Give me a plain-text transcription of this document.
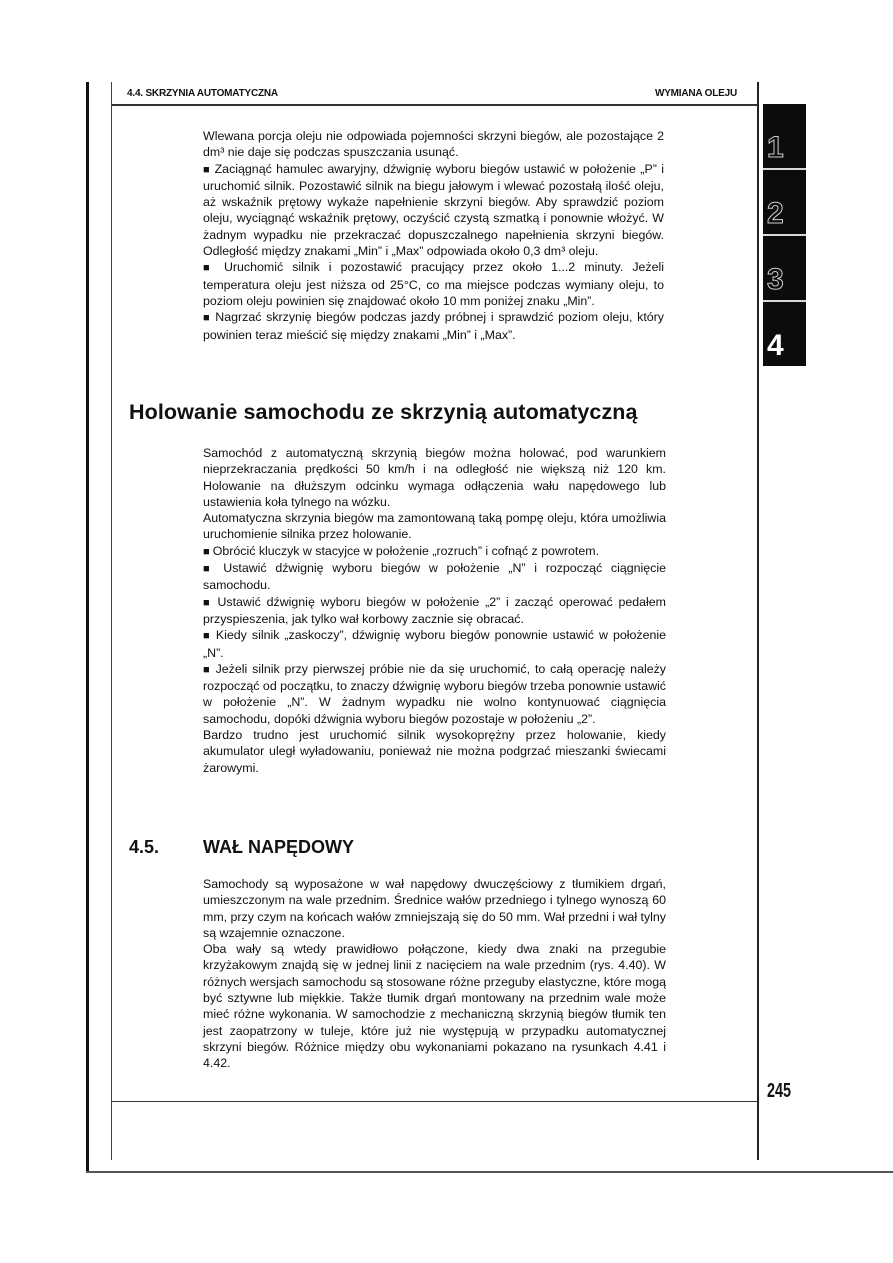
4.4. SKRZYNIA AUTOMATYCZNA	WYMIANA OLEJU
1
2
3
4

Wlewana porcja oleju nie odpowiada pojemności skrzyni biegów, ale pozostające 2 dm³ nie daje się podczas spuszczania usunąć.

■ Zaciągnąć hamulec awaryjny, dźwignię wyboru biegów ustawić w położenie „P” i uruchomić silnik. Pozostawić silnik na biegu jałowym i wlewać pozostałą ilość oleju, aż wskaźnik prętowy wykaże napełnienie skrzyni biegów. Aby sprawdzić poziom oleju, wyciągnąć wskaźnik prętowy, oczyścić czystą szmatką i ponownie włożyć. W żadnym wypadku nie przekraczać dopuszczalnego napełnienia skrzyni biegów. Odległość między znakami „Min” i „Max” odpowiada około 0,3 dm³ oleju.

■ Uruchomić silnik i pozostawić pracujący przez około 1...2 minuty. Jeżeli temperatura oleju jest niższa od 25°C, co ma miejsce podczas wymiany oleju, to poziom oleju powinien się znajdować około 10 mm poniżej znaku „Min”.

■ Nagrzać skrzynię biegów podczas jazdy próbnej i sprawdzić poziom oleju, który powinien teraz mieścić się między znakami „Min” i „Max”.

Holowanie samochodu ze skrzynią automatyczną

Samochód z automatyczną skrzynią biegów można holować, pod warunkiem nieprzekraczania prędkości 50 km/h i na odległość nie większą niż 120 km. Holowanie na dłuższym odcinku wymaga odłączenia wału napędowego lub ustawienia koła tylnego na wózku.

Automatyczna skrzynia biegów ma zamontowaną taką pompę oleju, która umożliwia uruchomienie silnika przez holowanie.

■ Obrócić kluczyk w stacyjce w położenie „rozruch” i cofnąć z powrotem.

■ Ustawić dźwignię wyboru biegów w położenie „N” i rozpocząć ciągnięcie samochodu.

■ Ustawić dźwignię wyboru biegów w położenie „2” i zacząć operować pedałem przyspieszenia, jak tylko wał korbowy zacznie się obracać.

■ Kiedy silnik „zaskoczy”, dźwignię wyboru biegów ponownie ustawić w położenie „N”.

■ Jeżeli silnik przy pierwszej próbie nie da się uruchomić, to całą operację należy rozpocząć od początku, to znaczy dźwignię wyboru biegów trzeba ponownie ustawić w położenie „N”. W żadnym wypadku nie wolno kontynuować ciągnięcia samochodu, dopóki dźwignia wyboru biegów pozostaje w położeniu „2”.

Bardzo trudno jest uruchomić silnik wysokoprężny przez holowanie, kiedy akumulator uległ wyładowaniu, ponieważ nie można podgrzać mieszanki świecami żarowymi.

4.5. WAŁ NAPĘDOWY

Samochody są wyposażone w wał napędowy dwuczęściowy z tłumikiem drgań, umieszczonym na wale przednim. Średnice wałów przedniego i tylnego wynoszą 60 mm, przy czym na końcach wałów zmniejszają się do 50 mm. Wał przedni i wał tylny są wzajemnie oznaczone.

Oba wały są wtedy prawidłowo połączone, kiedy dwa znaki na przegubie krzyżakowym znajdą się w jednej linii z nacięciem na wale przednim (rys. 4.40). W różnych wersjach samochodu są stosowane różne przeguby elastyczne, które mogą być sztywne lub miękkie. Także tłumik drgań montowany na przednim wale może mieć różne wykonania. W samochodzie z mechaniczną skrzynią biegów tłumik ten jest zaopatrzony w tuleje, które już nie występują w przypadku automatycznej skrzyni biegów. Różnice między obu wykonaniami pokazano na rysunkach 4.41 i 4.42.

245
